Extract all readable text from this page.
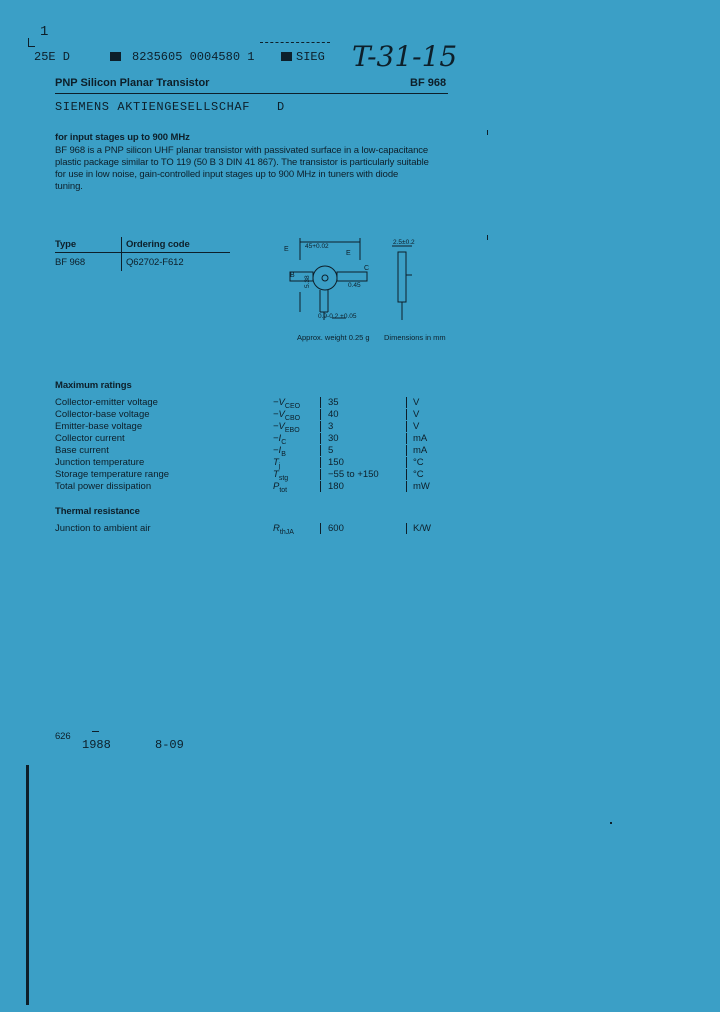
1
25E D	8235605 0004580 1	SIEG T-31-15
PNP Silicon Planar Transistor	BF 968
SIEMENS AKTIENGESELLSCHAF D
for input stages up to 900 MHz
BF 968 is a PNP silicon UHF planar transistor with passivated surface in a low-capacitance
plastic package similar to TO 119 (50 B 3 DIN 41 867). The transistor is particularly suitable
for use in low noise, gain-controlled input stages up to 900 MHz in tuners with diode
tuning.
Type	Ordering code
BF 968	Q62702-F612
E
C
B
E
45+0.02
2.5±0.2
0.45
5.38
0.9-0.2 +0.05
Approx. weight 0.25 g Dimensions in mm
Maximum ratings
Collector-emitter voltage	$-V_{CEO}$	35	V
Collector-base voltage	$-V_{CBO}$	40	V
Emitter-base voltage	$-V_{EBO}$	3	V
Collector current	$-I_C$	30	mA
Base current	$-I_B$	5	mA
Junction temperature	$T_j$	150	°C
Storage temperature range	$T_{stg}$	−55 to +150	°C
Total power dissipation	$P_{tot}$	180	mW
Thermal resistance
Junction to ambient air	$R_{thJA}$	600	K/W
626
1988	8-09
